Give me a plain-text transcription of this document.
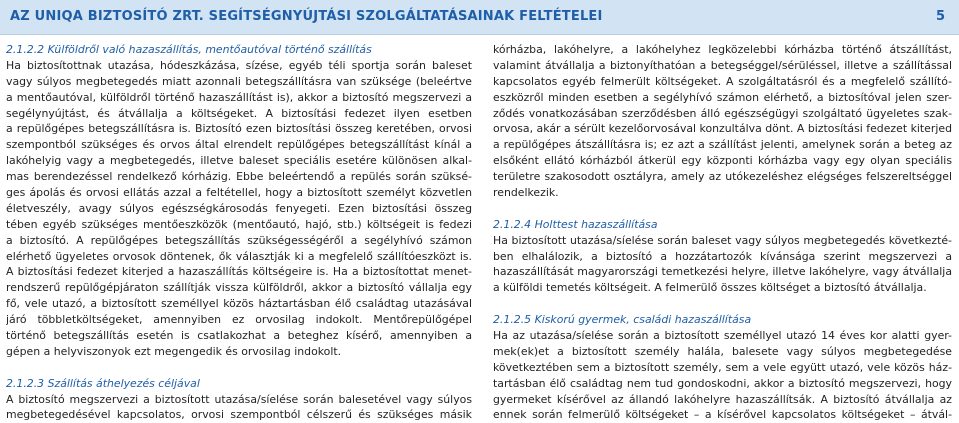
AZ UNIQA BIZTOSÍTÓ ZRT. SEGÍTSÉGNYÚJTÁSI SZOLGÁLTATÁSAINAK FELTÉTELEI	5
2.1.2.2 Külföldről való hazaszállítás, mentőautóval történő szállítás
Ha biztosítottnak utazása, hódeszkázása, sízése, egyéb téli sportja során baleset
vagy súlyos megbetegedés miatt azonnali betegszállításra van szüksége (beleértve
a mentőautóval, külföldről történő hazaszállítást is), akkor a biztosító megszervezi a
segélynyújtást, és átvállalja a költségeket. A biztosítási fedezet ilyen esetben
a repülőgépes betegszállításra is. Biztosító ezen biztosítási összeg keretében, orvosi
szempontból szükséges és orvos által elrendelt repülőgépes betegszállítást kínál a
lakóhelyig vagy a megbetegedés, illetve baleset speciális esetére különösen alkal-
mas berendezéssel rendelkező kórházig. Ebbe beleértendő a repülés során szüksé-
ges ápolás és orvosi ellátás azzal a feltétellel, hogy a biztosított személyt közvetlen
életveszély, avagy súlyos egészségkárosodás fenyegeti. Ezen biztosítási összeg
tében egyéb szükséges mentőeszközök (mentőautó, hajó, stb.) költségeit is fedezi
a biztosító. A repülőgépes betegszállítás szükségességéről a segélyhívó számon
elérhető ügyeletes orvosok döntenek, ők választják ki a megfelelő szállítóeszközt is.
A biztosítási fedezet kiterjed a hazaszállítás költségeire is. Ha a biztosítottat menet-
rendszerű repülőgépjáraton szállítják vissza külföldről, akkor a biztosító vállalja egy
fő, vele utazó, a biztosított személlyel közös háztartásban élő családtag utazásával
járó többletköltségeket, amennyiben ez orvosilag indokolt. Mentőrepülőgépel
történő betegszállítás esetén is csatlakozhat a beteghez kísérő, amennyiben a
gépen a helyviszonyok ezt megengedik és orvosilag indokolt.
2.1.2.3 Szállítás áthelyezés céljával
A biztosító megszervezi a biztosított utazása/síelése során balesetével vagy súlyos
megbetegedésével kapcsolatos, orvosi szempontból célszerű és szükséges másik
kórházba, lakóhelyre, a lakóhelyhez legközelebbi kórházba történő átszállítást,
valamint átvállalja a biztonyíthatóan a betegséggel/sérüléssel, illetve a szállítással
kapcsolatos egyéb felmerült költségeket. A szolgáltatásról és a megfelelő szállító-
eszközről minden esetben a segélyhívó számon elérhető, a biztosítóval jelen szer-
ződés vonatkozásában szerződésben álló egészségügyi szolgáltató ügyeletes szak-
orvosa, akár a sérült kezelőorvosával konzultálva dönt. A biztosítási fedezet kiterjed
a repülőgépes átszállításra is; ez azt a szállítást jelenti, amelynek során a beteg az
elsőként ellátó kórházból átkerül egy központi kórházba vagy egy olyan speciális
területre szakosodott osztályra, amely az utókezeléshez elégséges felszereltséggel
rendelkezik.
2.1.2.4 Holttest hazaszállítása
Ha biztosított utazása/síelése során baleset vagy súlyos megbetegedés következté-
ben elhalálozik, a biztosító a hozzátartozók kívánsága szerint megszervezi a
hazaszállítását magyarországi temetkezési helyre, illetve lakóhelyre, vagy átvállalja
a külföldi temetés költségeit. A felmerülő összes költséget a biztosító átvállalja.
2.1.2.5 Kiskorú gyermek, családi hazaszállítása
Ha az utazása/síelése során a biztosított személlyel utazó 14 éves kor alatti gyer-
mek(ek)et a biztosított személy halála, balesete vagy súlyos megbetegedése
következtében sem a biztosított személy, sem a vele együtt utazó, vele közös ház-
tartásban élő családtag nem tud gondoskodni, akkor a biztosító megszervezi, hogy
gyermeket kísérővel az állandó lakóhelyre hazaszállítsák. A biztosító átvállalja az
ennek során felmerülő költségeket – a kísérővel kapcsolatos költségeket – átvál-
